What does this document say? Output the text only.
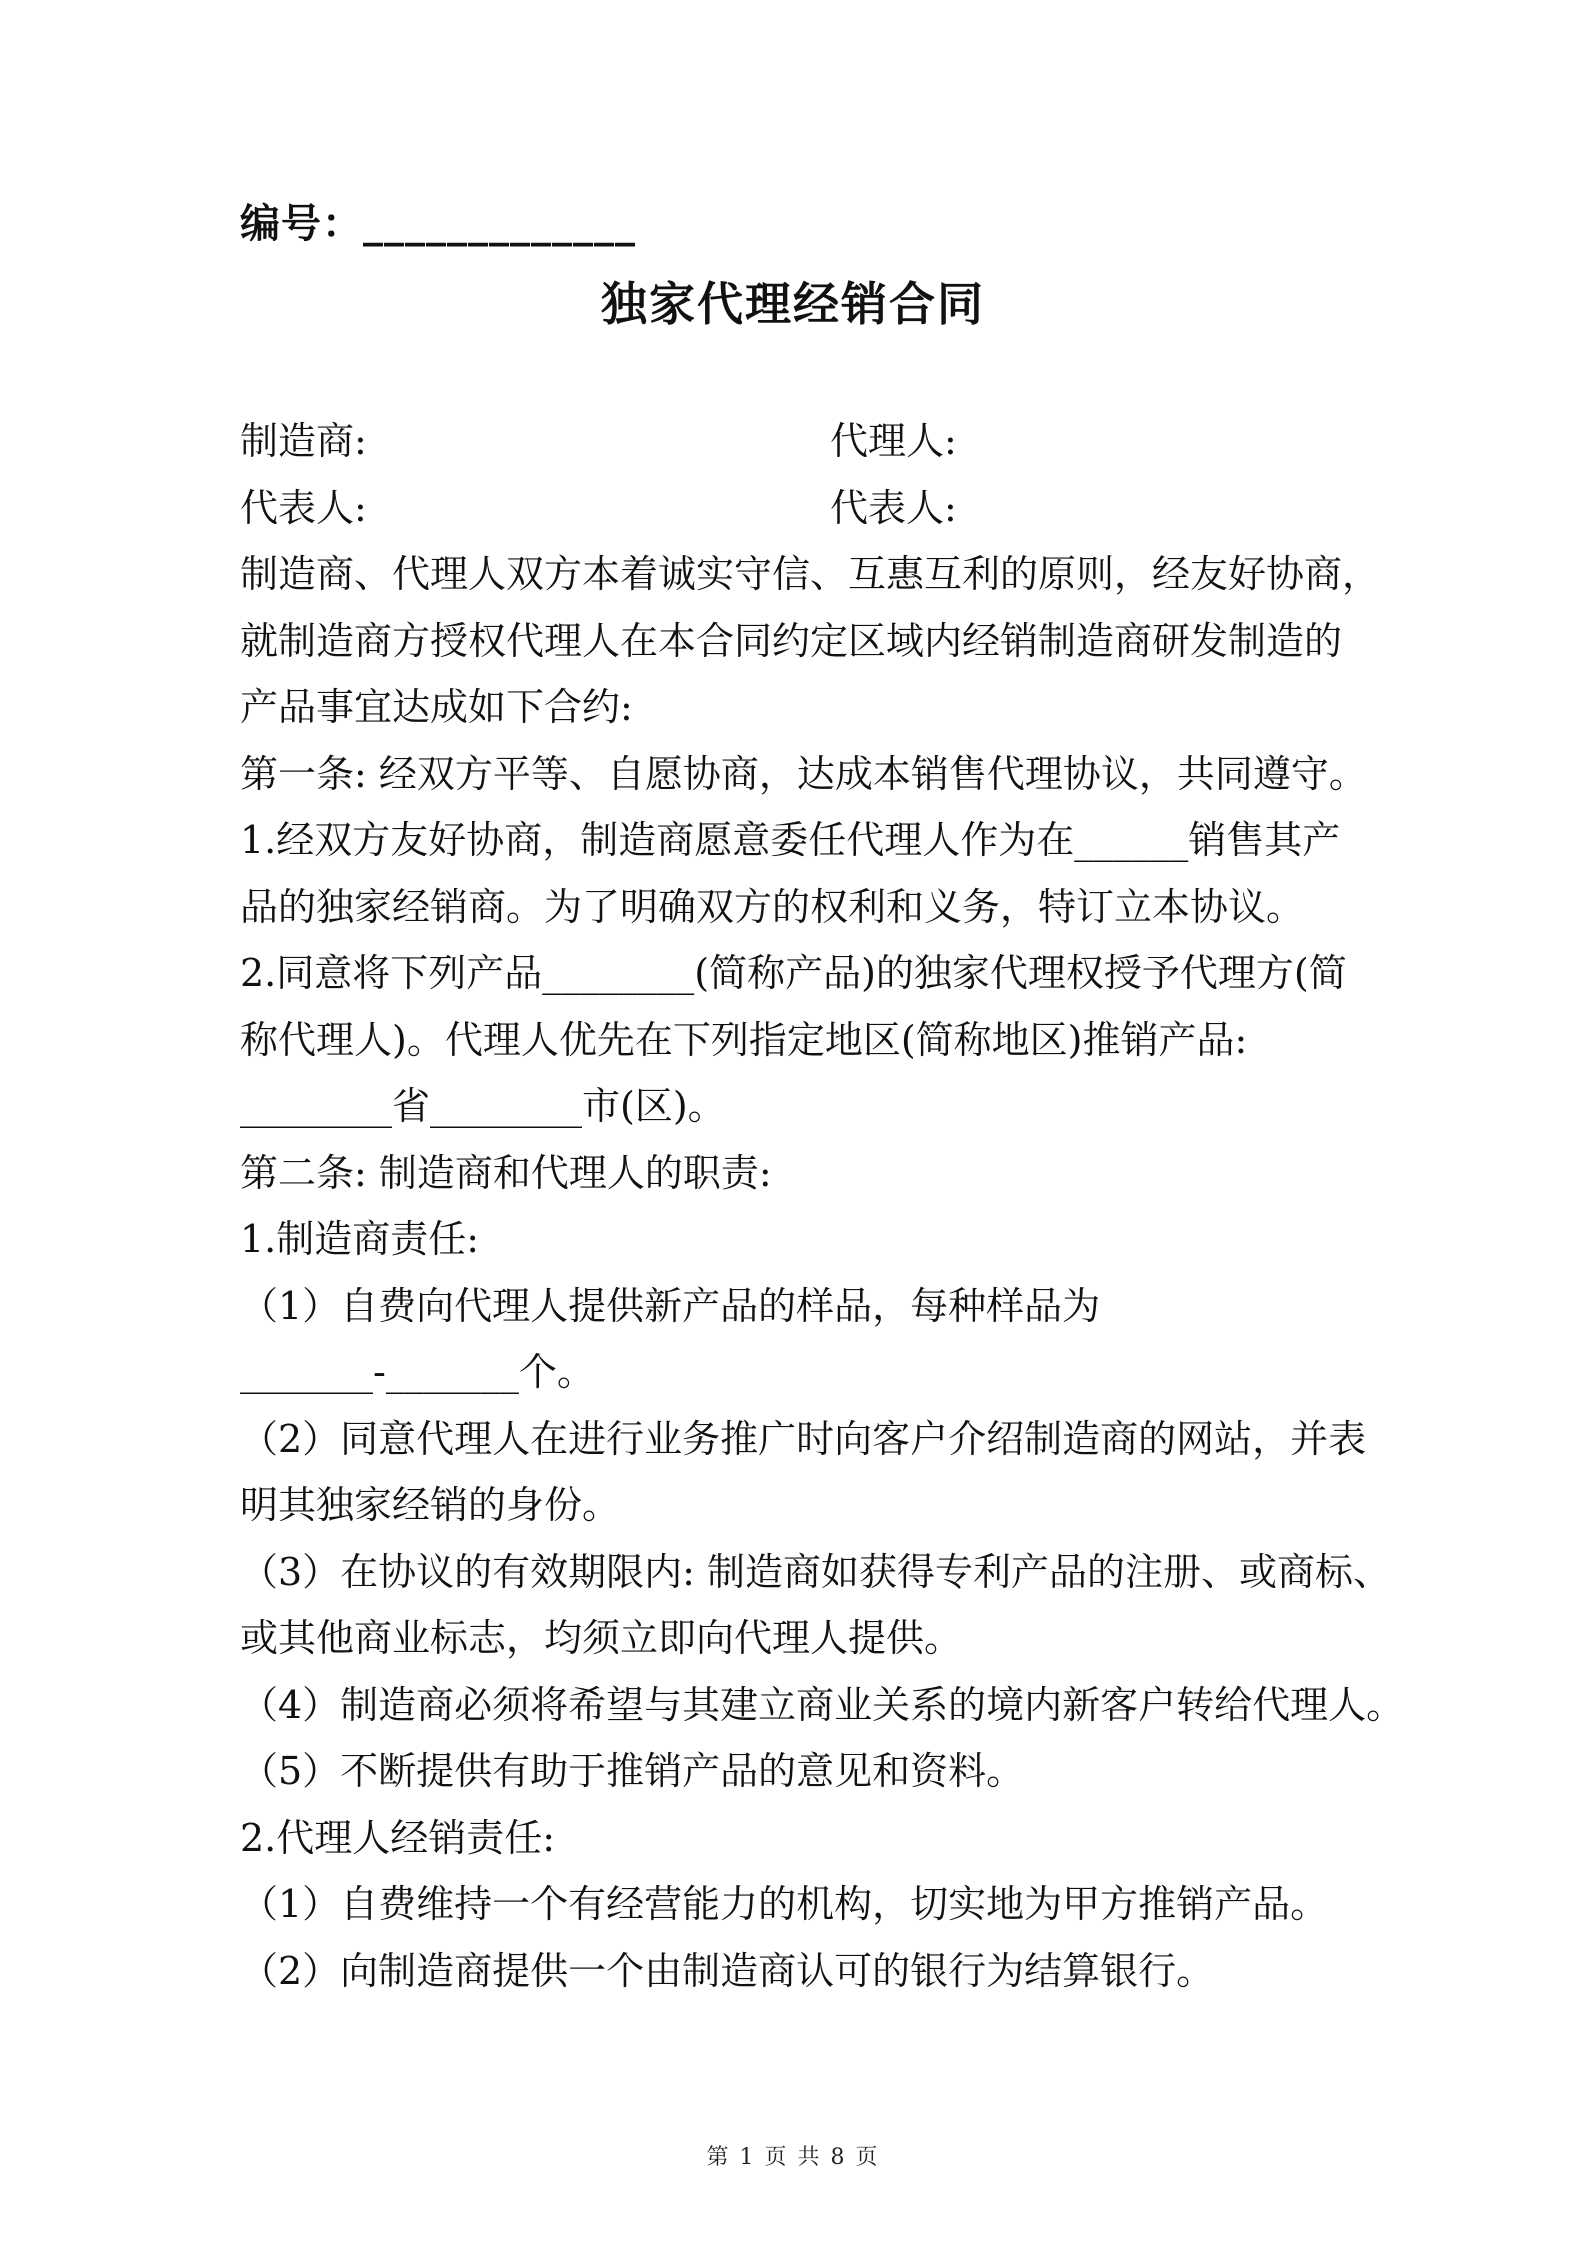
编号：_____________
独家代理经销合同
制造商:	代理人:
代表人:	代表人:
制造商、代理人双方本着诚实守信、互惠互利的原则，经友好协商，
就制造商方授权代理人在本合同约定区域内经销制造商研发制造的
产品事宜达成如下合约:
第一条: 经双方平等、自愿协商，达成本销售代理协议，共同遵守。
1.经双方友好协商，制造商愿意委任代理人作为在______销售其产
品的独家经销商。为了明确双方的权利和义务，特订立本协议。
2.同意将下列产品________(简称产品)的独家代理权授予代理方(简
称代理人)。代理人优先在下列指定地区(简称地区)推销产品:
________省________市(区)。
第二条: 制造商和代理人的职责:
1.制造商责任:
（1）自费向代理人提供新产品的样品，每种样品为
_______-_______个。
（2）同意代理人在进行业务推广时向客户介绍制造商的网站，并表
明其独家经销的身份。
（3）在协议的有效期限内: 制造商如获得专利产品的注册、或商标、
或其他商业标志，均须立即向代理人提供。
（4）制造商必须将希望与其建立商业关系的境内新客户转给代理人。
（5）不断提供有助于推销产品的意见和资料。
2.代理人经销责任:
（1）自费维持一个有经营能力的机构，切实地为甲方推销产品。
（2）向制造商提供一个由制造商认可的银行为结算银行。
第 1 页 共 8 页
